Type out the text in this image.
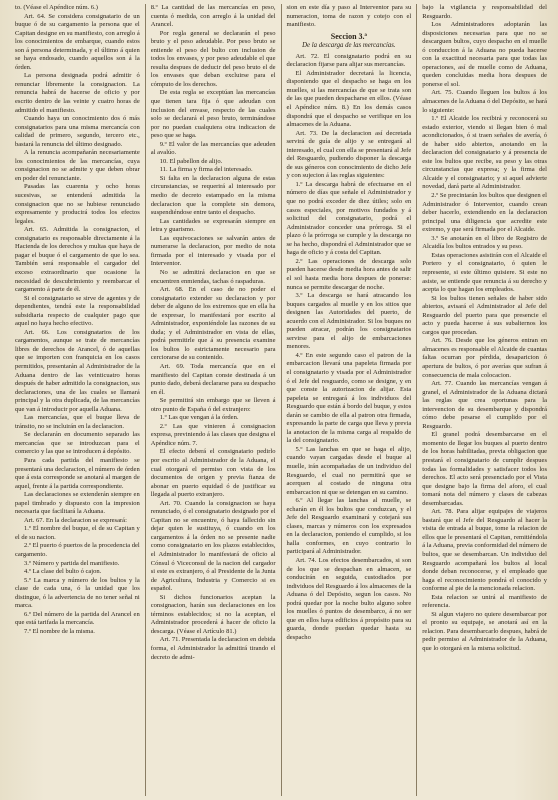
to. (Véase el Apéndice núm. 6.)

Art. 64. Se considera consignatario de un buque ó de su cargamento la persona que el Capitan designe en su manifiesto, con arreglo á los conocimientos de embarque, cuando estos son á persona determinada, y el último á quien se haya endosado, cuando aquellos son á la órden.

La persona designada podrá admitir ó renunciar libremente la consignacion. La renuncia habrá de hacerse de oficio y por escrito dentro de las veinte y cuatro horas de admitido el manifiesto.

Cuando haya un conocimiento dos ó más consignatarios para una misma mercancía con calidad de primero, segundo, tercero etc., bastará la renuncia del último designado.

A la renuncia acompañarán necesariamente los conocimientos de las mercancías, cuya consignacion no se admite y que deben obrar en poder del renunciante.

Pasadas las cuarenta y ocho horas sucesivas, se entenderá admitida la consignacion que no se hubiese renunciado expresamente y producirá todos los efectos legales.

Art. 65. Admitida la consignacion, el consignatario es responsable directamente á la Hacienda de los derechos y multas que haya de pagar el buque ó el cargamento de que lo sea. También será responsable el cargador del exceso extraordinario que ocasione la necesidad de descubrimiento y reembarcar el cargamento á parte de él.

Si el consignatario se sirve de agentes y de dependientes, tendrá este la responsabilidad subsidiaria respecto de cualquier pago que aquel no haya hecho efectivo.

Art. 66. Los consignatarios de los cargamentos, aunque se trate de mercancías libres de derechos de Arancel, ó de aquellas que se importen con franquicia en los casos permitidos, presentarán al Administrador de la Aduana dentro de las veinticuatro horas después de haber admitido la consignacion, sus declaraciones, una de las cuales se llamará principal y la otra duplicada, de las mercancías que van á introducir por aquella Aduana.

Las mercancías, que el buque lleva de tránsito, no se incluirán en la declaracion.

Se declararán en documento separado las mercancías que se introduzcan para el comercio y las que se introducen á depósito.

Para cada partida del manifiesto se presentará una declaracion, el número de órden que á esta corresponde se anotará al margen de aquel, frente á la partida correspondiente.

Las declaraciones se extenderán siempre en papel timbrado y dispuesto con la impresion necesaria que facilitará la Aduana.

Art. 67. En la declaracion se expresará:

1.º El nombre del buque, el de su Capitan y el de su nacion.

2.º El puerto ó puertos de la procedencia del cargamento.

3.º Número y partida del manifiesto.

4.º La clase del bulto ó cajon.

5.º La marca y número de los bultos y la clase de cada una, ó la unidad que los distingue, ó la advertencia de no tener señal ni marca.

6.º Del número de la partida del Arancel en que está tarifada la mercancía.

7.º El nombre de la misma.

8.º La cantidad de las mercancías en peso, cuenta ó medida, con arreglo á la unidad del Arancel.

Por regla general se declararán el peso bruto y el peso adeudable. Por peso bruto se entiende el peso del bulto con inclusion de todos los envases, y por peso adeudable el que resulta despues de deducir del peso bruto el de los envases que deban excluirse para el cómputo de los derechos.

De esta regla se exceptúan las mercancías que tienen tara fija ó que adeudan con inclusion del envase, respecto de las cuales solo se declarará el peso bruto, terminándose por no puedan cualquiera otra indicacion de peso que se haga.

9.º El valor de las mercancías que adeuden al avalúo.

10. El pabellon de alijo.

11. La firma y firma del interesado.

Si falta en la declaracion alguna de estas circunstancias, se requerirá al interesado por medio de decreto estampado en la misma declaracion que la complete sin demora, suspendiéndose entre tanto el despacho.

Las cantidades se expresarán siempre en letra y guarismo.

Las equivocaciones se salvarán antes de numerarse la declaracion, por medio de nota firmada por el interesado y visada por el Interventor.

No se admitirá declaracion en que se encuentren enmiendas, tachas ó raspaduras.

Art. 68. En el caso de no poder el consignatario extender su declaracion y por deber de alguno de los extremos que en ella ha de expresar, lo manifestará por escrito al Administrador, exponiéndole las razones de su duda; y el Administrador en vista de ellas, podrá permitirle que á su presencia examine los bultos lo estrictamente necesario para cerciorarse de su contenido.

Art. 69. Toda mercancía que en el manifiesto del Capitan conste destinada á un punto dado, deberá declararse para su despacho en él.

Se permitirá sin embargo que se lleven á otro punto de España ó del extranjero:

1.º Las que vengan á la órden.

2.º Las que vinieren á consignacion expresa, previniendo á las clases que designa el Apéndice núm. 7.

El efecto deberá el consignatario pedirlo por escrito al Administrador de la Aduana, el cual otorgará el permiso con vista de los documentos de origen y previa fianza de abonar en puerto equidad ó de justificar su llegada al puerto extranjero.

Art. 70. Cuando la consignacion se haya renunciado, ó el consignatario designado por el Capitan no se encuentre, ó haya fallecido sin dejar quien le sustituya, ó cuando en los cargamentos á la órden no se presente nadie como consignatario en los plazos establecidos, el Administrador lo manifestará de oficio al Cónsul ó Viceconsul de la nacion del cargador si este es extranjero, ó al Presidente de la Junta de Agricultura, Industria y Comercio si es español.

Si dichos funcionarios aceptan la consignacion, harán sus declaraciones en los términos establecidos; si no la aceptan, el Administrador procederá á hacer de oficio la descarga. (Véase el Artículo 81.)

Art. 71. Presentada la declaracion en debida forma, el Administrador la admitirá tirando el decreto de admi-

sion en este día y paso al Interventor para su numeracion, toma de razon y cotejo con el manifiesto.

Seccion 3.ª
De la descarga de las mercancías.

Art. 72. El consignatario podrá en su declaracion fijarse para alijar sus mercancías.

El Administrador decretará la licencia, disponiendo que el despacho se haga en los muelles, si las mercancías de que se trata son de las que pueden despacharse en ellos. (Véase el Apéndice núm. 8.) En los demás casos dispondrá que el despacho se verifique en los almacenes de la Aduana.

Art. 73. De la declaracion así decretada servirá de guía de alijo y se entregará al interesado, el cual con ella se presentará al Jefe del Resguardo, pudiendo disponer la descarga de sus géneros con conocimiento de dicho Jefe y con sujecion á las reglas siguientes:

1.º La descarga habrá de efectuarse en el número de días que señale el Administrador y que no podrá exceder de diez útiles; solo en casos especiales, por motivos fundados y á solicitud del consignatario, podrá el Administrador conceder una prórroga. Si el plazo ó la prórroga se cumple y la descarga no se ha hecho, dispondrá el Administrador que se haga de oficio y á costa del Capitan.

2.º Las operaciones de descarga solo pueden hacerse desde media hora antes de salir el sol hasta media hora despues de ponerse: nunca se permite descargar de noche.

3.º La descarga se hará atracando los buques cargados al muelle y en los sitios que designen las Autoridades del puerto, de acuerdo con el Administrador. Si los buques no pueden atracar, podrán los consignatarios servirse para el alijo de embarcaciones menores.

4.º En este segundo caso el patron de la embarcacion llevará una papeleta firmada por el consignatario y visada por el Administrador ó el Jefe del resguardo, como se designe, y en que conste la autorizacion de alijar. Esta papeleta se entregará á los individuos del Resguardo que están á bordo del buque, y estos darán se cambio de ella al patron otra firmada, expresando la parte de carga que lleva y previa la anotacion de la misma carga al respaldo de la del consignatario.

5.º Las lanchas en que se haga el alijo, cuando vayan cargadas desde el buque al muelle, irán acompañadas de un individuo del Resguardo, el cual no permitirá que se acerquen al costado de ninguna otra embarcacion ni que se detengan en su camino.

6.º Al llegar las lanchas al muelle, se echarán en él los bultos que conduzcan, y el Jefe del Resguardo examinará y cotejará sus clases, marcas y números con los expresados en la declaracion, poniendo el cumplido, si los halla conformes, en cuyo contrario lo participará al Administrador.

Art. 74. Los efectos desembarcados, si son de los que se despachan en almacen, se conducirán en seguida, custodiados por individuos del Resguardo á los almacenes de la Aduana ó del Depósito, segun los casos. No podrá quedar por la noche bulto alguno sobre los muelles ó puntos de desembarco, á no ser que en ellos haya edificios á propósito para su guarda, donde puedan quedar hasta su despacho

bajo la vigilancia y responsabilidad del Resguardo.

Los Administradores adoptarán las disposiciones necesarias para que no se descarguen bultos, cuyo despacho en el muelle ó conduccion á la Aduana no pueda hacerse con la exactitud necesaria para que todas las operaciones, así de muelle como de Aduana, queden concluidas media hora despues de ponerse el sol.

Art. 75. Cuando lleguen los bultos á los almacenes de la Aduana ó del Depósito, se hará lo siguiente:

1.º El Alcaide los recibirá y reconocerá su estado exterior, viendo si llegan bien ó mal acondicionados, ó si traen señales de avería, ó de haber sido abiertos, anotando en la declaracion del consignatario y á presencia de este los bultos que recibe, su peso y las otras circunstancias que expresa; y la firma del Alcaide y el consignatario; y si aquel advierte novedad, dará parte al Administrador.

2.º Se precintarán los bultos que designen el Administrador ó Interventor, cuando crean deber hacerlo, extendiendo en la declaracion principal una diligencia que acredite este extremo, y que será firmada por el Alcaide.

3.º Se anotarán en el libro de Registro de Alcaidía los bultos entrados y su peso.

Estas operaciones asistirán con el Alcaide el Portero y el consignatario, ó quien le represente, si este último quisiere. Si este no asiste, se entiende que renuncia á su derecho y acepta lo que hagan los empleados.

Si los bultos tienen señales de haber sido abiertos, avisará el Administrador al Jefe del Resguardo del puerto para que presencie el acto y pueda hacerse á sus subalternos los cargos que procedan.

Art. 76. Desde que los géneros entran en almacenes es responsable el Alcaide de cuantas faltas ocurran por pérdida, desaparicion ó apertura de bultos, ó por averías que sufran á consecuencia de mala colocacion.

Art. 77. Cuando las mercancías vengan á granel, el Administrador de la Aduana dictará las reglas que crea oportunas para la intervencion de su desembarque y dispondrá cómo debe pesarse el cumplido por el Resguardo.

El granel podrá desembarcarse en el momento de llegar los buques al puerto dentro de los horas habilitadas, previa obligacion que prestará el consignatario de cumplir despues todas las formalidades y satisfacer todos los derechos. El acto será presenciado por el Vista que designe bajo la firma del aforo, el cual tomará nota del número y clases de cabezas desembarcadas.

Art. 78. Para alijar equipajes de viajeros bastará que el Jefe del Resguardo al hacer la visita de entrada al buque, tome la relacion de ellos que le presentará el Capitan, remitiéndola á la Aduana, previa conformidad del número de bultos, que se desembarcan. Un individuo del Resguardo acompañará los bultos al local donde deban reconocerse, y el empleado que haga el reconocimiento pondrá el conocido y conforme al pie de la mencionada relacion.

Esta relacion se unirá al manifiesto de referencia.

Si algun viajero no quiere desembarcar por el pronto su equipaje, se anotará así en la relacion. Para desembarcarlo despues, habrá de pedir permiso al Administrador de la Aduana, que lo otorgará en la misma solicitud.
